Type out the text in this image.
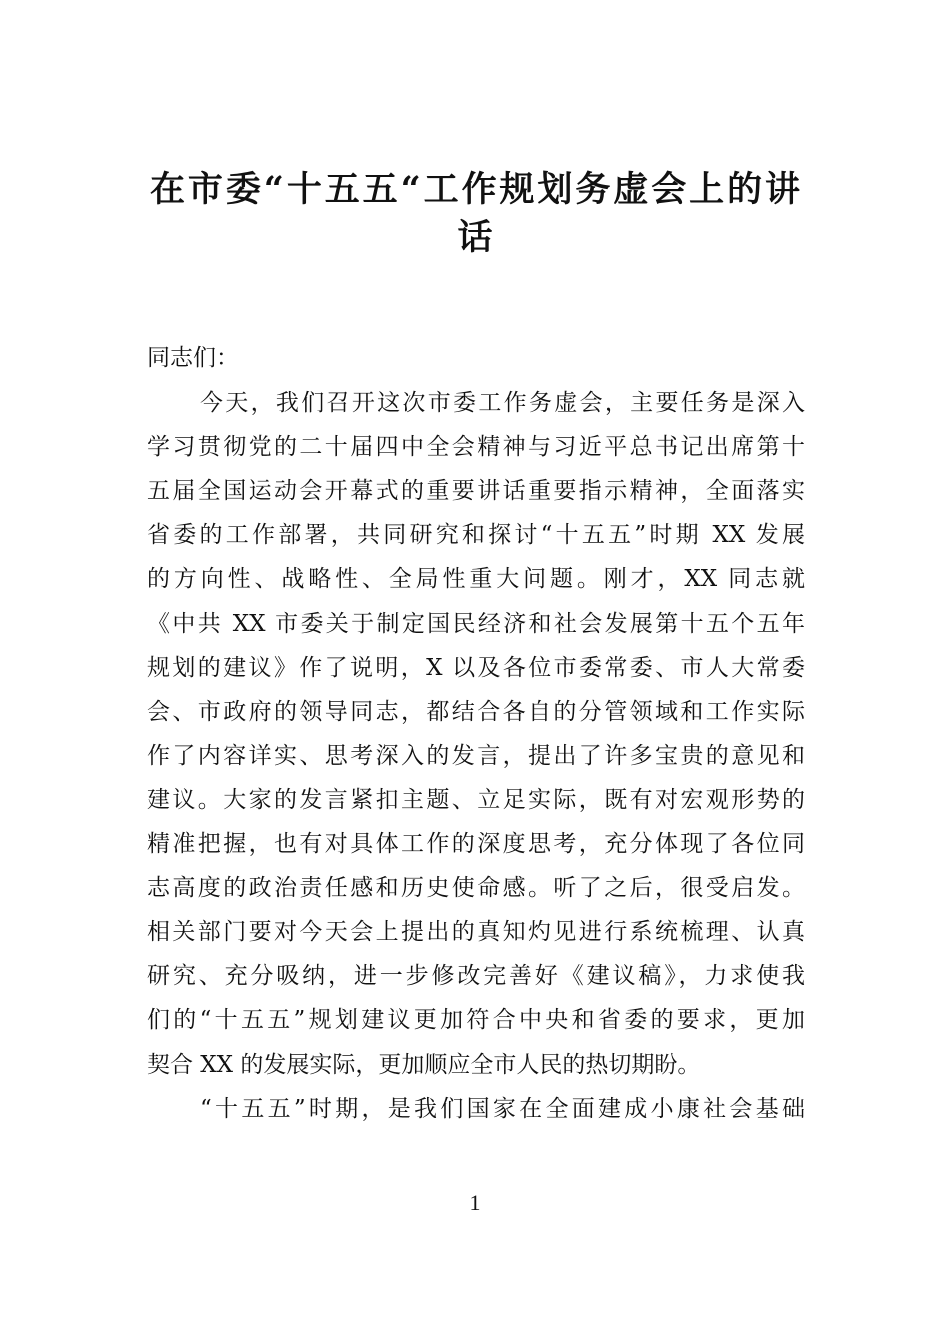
在市委“十五五“工作规划务虚会上的讲
话
同志们：
今天，我们召开这次市委工作务虚会，主要任务是深入
学习贯彻党的二十届四中全会精神与习近平总书记出席第十
五届全国运动会开幕式的重要讲话重要指示精神，全面落实
省委的工作部署，共同研究和探讨“十五五”时期 XX 发展
的方向性、战略性、全局性重大问题。刚才，XX 同志就
《中共 XX 市委关于制定国民经济和社会发展第十五个五年
规划的建议》作了说明，X 以及各位市委常委、市人大常委
会、市政府的领导同志，都结合各自的分管领域和工作实际
作了内容详实、思考深入的发言，提出了许多宝贵的意见和
建议。大家的发言紧扣主题、立足实际，既有对宏观形势的
精准把握，也有对具体工作的深度思考，充分体现了各位同
志高度的政治责任感和历史使命感。听了之后，很受启发。
相关部门要对今天会上提出的真知灼见进行系统梳理、认真
研究、充分吸纳，进一步修改完善好《建议稿》，力求使我
们的“十五五”规划建议更加符合中央和省委的要求，更加
契合 XX 的发展实际，更加顺应全市人民的热切期盼。
“十五五”时期，是我们国家在全面建成小康社会基础
1
